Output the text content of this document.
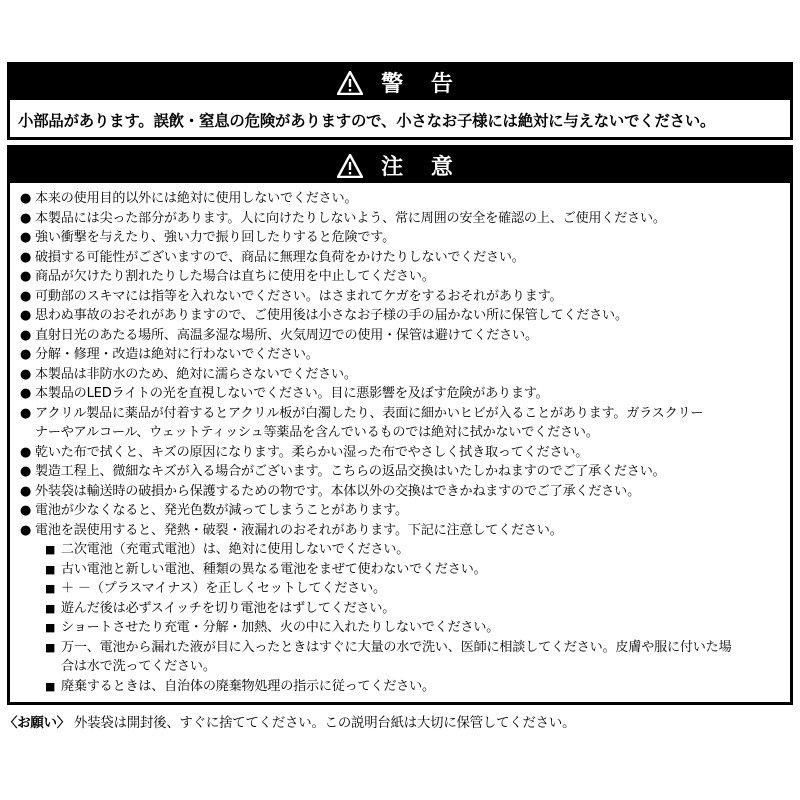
警 告
小部品があります。誤飲・窒息の危険がありますので、小さなお子様には絶対に与えないでください。
注 意
● 本来の使用目的以外には絶対に使用しないでください。
● 本製品には尖った部分があります。人に向けたりしないよう、常に周囲の安全を確認の上、ご使用ください。
● 強い衝撃を与えたり、強い力で振り回したりすると危険です。
● 破損する可能性がございますので、商品に無理な負荷をかけたりしないでください。
● 商品が欠けたり割れたりした場合は直ちに使用を中止してください。
● 可動部のスキマには指等を入れないでください。はさまれてケガをするおそれがあります。
● 思わぬ事故のおそれがありますので、ご使用後は小さなお子様の手の届かない所に保管してください。
● 直射日光のあたる場所、高温多湿な場所、火気周辺での使用・保管は避けてください。
● 分解・修理・改造は絶対に行わないでください。
● 本製品は非防水のため、絶対に濡らさないでください。
● 本製品のLEDライトの光を直視しないでください。目に悪影響を及ぼす危険があります。
● アクリル製品に薬品が付着するとアクリル板が白濁したり、表面に細かいヒビが入ることがあります。ガラスクリー
ナーやアルコール、ウェットティッシュ等薬品を含んでいるものでは絶対に拭かないでください。
● 乾いた布で拭くと、キズの原因になります。柔らかい湿った布でやさしく拭き取ってください。
● 製造工程上、微細なキズが入る場合がございます。こちらの返品交換はいたしかねますのでご了承ください。
● 外装袋は輸送時の破損から保護するための物です。本体以外の交換はできかねますのでご了承ください。
● 電池が少なくなると、発光色数が減ってしまうことがあります。
● 電池を誤使用すると、発熱・破裂・液漏れのおそれがあります。下記に注意してください。
■ 二次電池（充電式電池）は、絶対に使用しないでください。
■ 古い電池と新しい電池、種類の異なる電池をまぜて使わないでください。
■ ＋ －（プラスマイナス）を正しくセットしてください。
■ 遊んだ後は必ずスイッチを切り電池をはずしてください。
■ ショートさせたり充電・分解・加熱、火の中に入れたりしないでください。
■ 万一、電池から漏れた液が目に入ったときはすぐに大量の水で洗い、医師に相談してください。皮膚や服に付いた場
合は水で洗ってください。
■ 廃棄するときは、自治体の廃棄物処理の指示に従ってください。
〈お願い〉 外装袋は開封後、すぐに捨ててください。この説明台紙は大切に保管してください。
